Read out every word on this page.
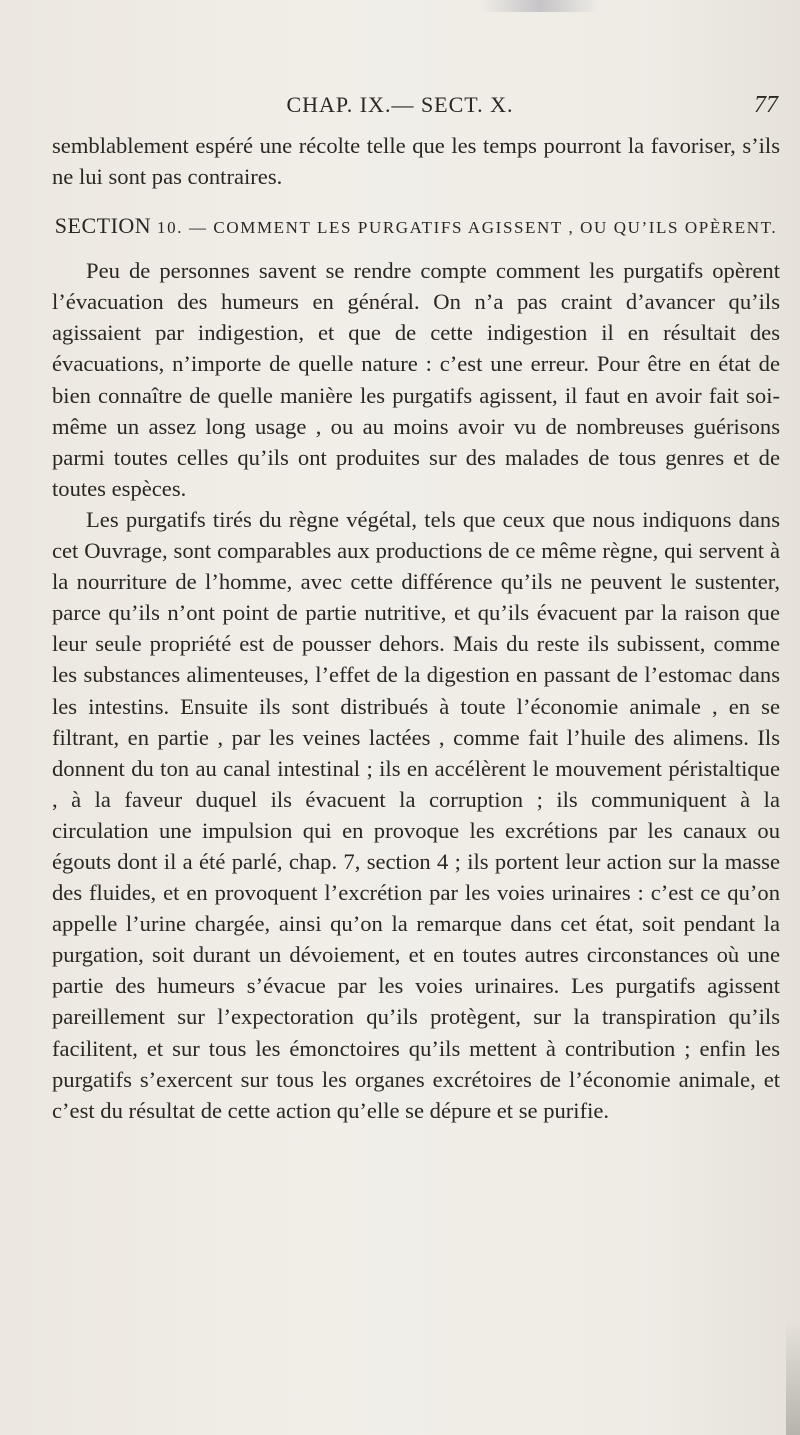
CHAP. IX.— SECT. X.	77

semblablement espéré une récolte telle que les temps pourront la favoriser, s’ils ne lui sont pas contraires.

SECTION 10. — COMMENT LES PURGATIFS AGISSENT , OU QU’ILS OPÈRENT.

Peu de personnes savent se rendre compte comment les purgatifs opèrent l’évacuation des humeurs en général. On n’a pas craint d’avancer qu’ils agissaient par indigestion, et que de cette indigestion il en résultait des évacuations, n’importe de quelle nature : c’est une erreur. Pour être en état de bien connaître de quelle manière les purgatifs agissent, il faut en avoir fait soi-même un assez long usage , ou au moins avoir vu de nombreuses guérisons parmi toutes celles qu’ils ont produites sur des malades de tous genres et de toutes espèces.

Les purgatifs tirés du règne végétal, tels que ceux que nous indiquons dans cet Ouvrage, sont comparables aux productions de ce même règne, qui servent à la nourriture de l’homme, avec cette différence qu’ils ne peuvent le sustenter, parce qu’ils n’ont point de partie nutritive, et qu’ils évacuent par la raison que leur seule propriété est de pousser dehors. Mais du reste ils subissent, comme les substances alimenteuses, l’effet de la digestion en passant de l’estomac dans les intestins. Ensuite ils sont distribués à toute l’économie animale , en se filtrant, en partie , par les veines lactées , comme fait l’huile des alimens. Ils donnent du ton au canal intestinal ; ils en accélèrent le mouvement péristaltique , à la faveur duquel ils évacuent la corruption ; ils communiquent à la circulation une impulsion qui en provoque les excrétions par les canaux ou égouts dont il a été parlé, chap. 7, section 4 ; ils portent leur action sur la masse des fluides, et en provoquent l’excrétion par les voies urinaires : c’est ce qu’on appelle l’urine chargée, ainsi qu’on la remarque dans cet état, soit pendant la purgation, soit durant un dévoiement, et en toutes autres circonstances où une partie des humeurs s’évacue par les voies urinaires. Les purgatifs agissent pareillement sur l’expectoration qu’ils protègent, sur la transpiration qu’ils facilitent, et sur tous les émonctoires qu’ils mettent à contribution ; enfin les purgatifs s’exercent sur tous les organes excrétoires de l’économie animale, et c’est du résultat de cette action qu’elle se dépure et se purifie.
